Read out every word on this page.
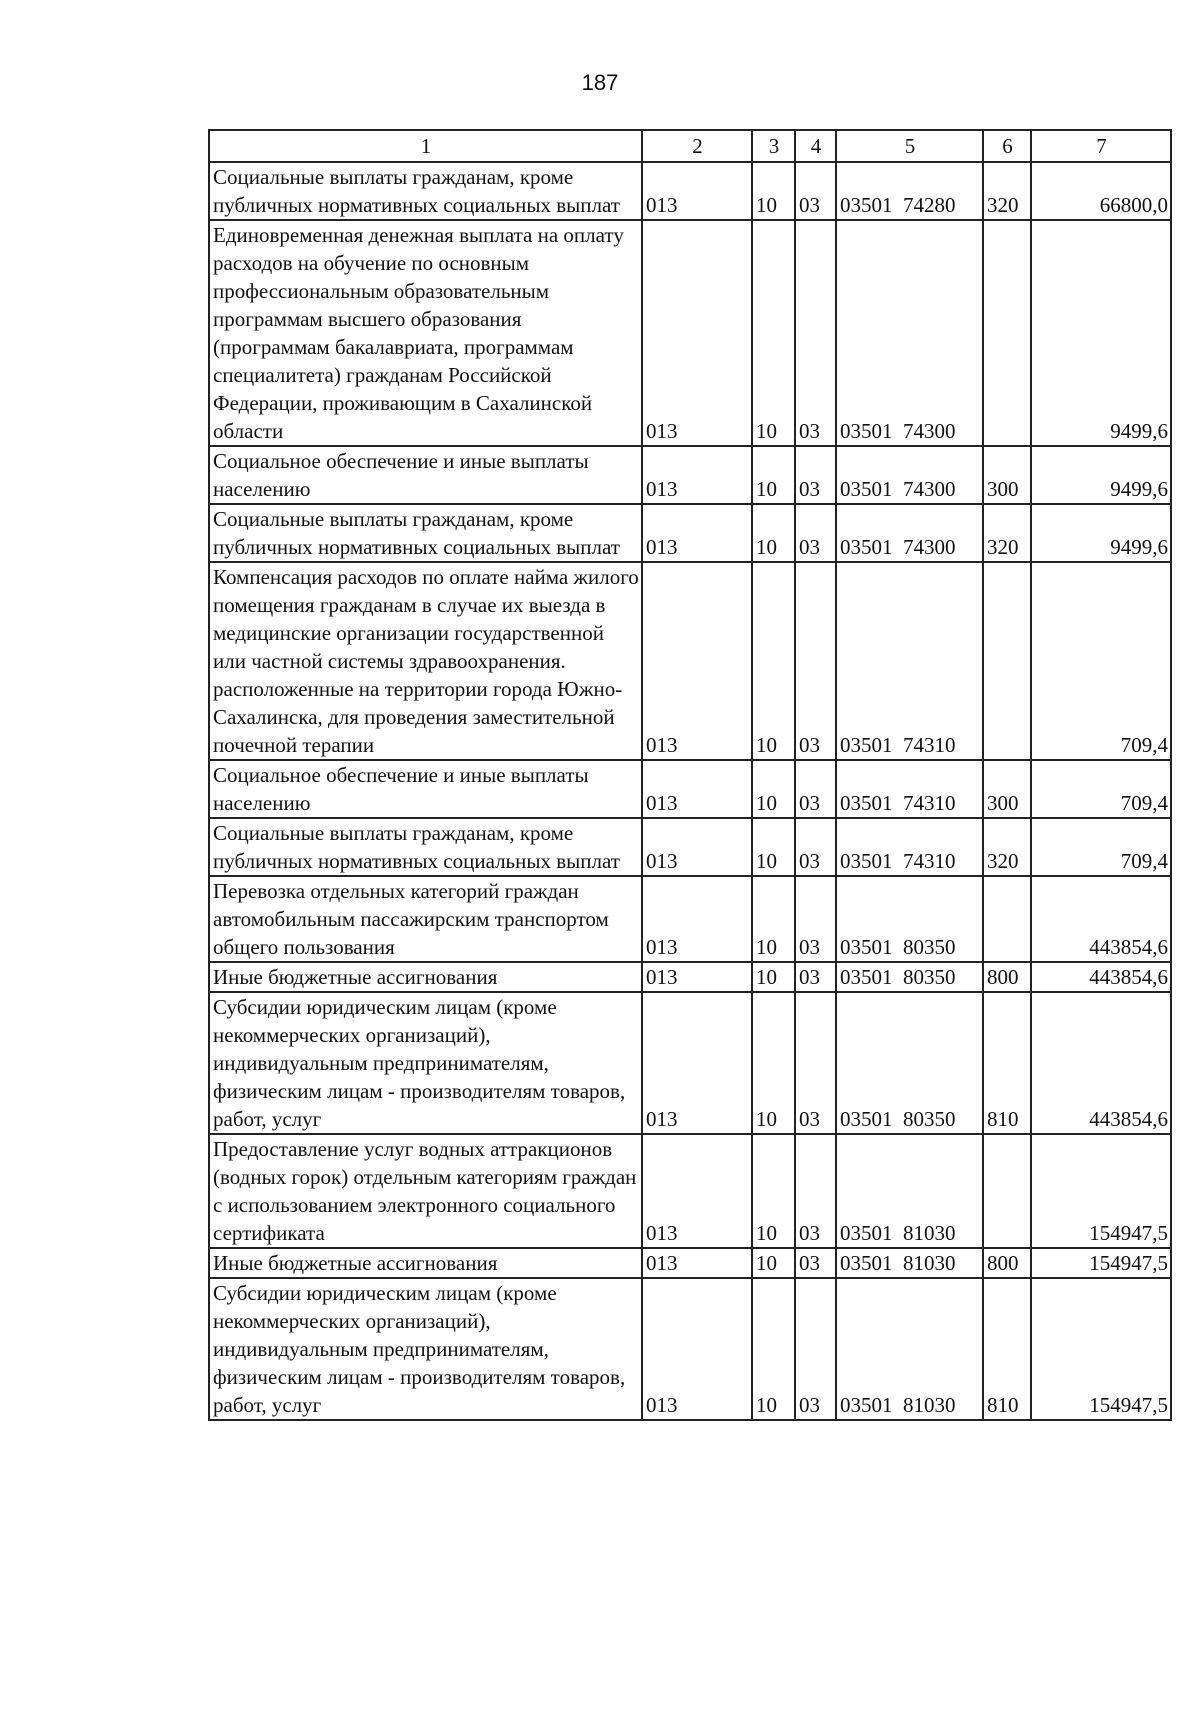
187
1	2	3	4	5	6	7
Социальные выплаты гражданам, кроме публичных нормативных социальных выплат	013	10	03	03501  74280	320	66800,0
Единовременная денежная выплата на оплату расходов на обучение по основным профессиональным образовательным программам высшего образования (программам бакалавриата, программам специалитета) гражданам Российской Федерации, проживающим в Сахалинской области	013	10	03	03501  74300		9499,6
Социальное обеспечение и иные выплаты населению	013	10	03	03501  74300	300	9499,6
Социальные выплаты гражданам, кроме публичных нормативных социальных выплат	013	10	03	03501  74300	320	9499,6
Компенсация расходов по оплате найма жилого помещения гражданам в случае их выезда в медицинские организации государственной или частной системы здравоохранения. расположенные на территории города Южно-Сахалинска, для проведения заместительной почечной терапии	013	10	03	03501  74310		709,4
Социальное обеспечение и иные выплаты населению	013	10	03	03501  74310	300	709,4
Социальные выплаты гражданам, кроме публичных нормативных социальных выплат	013	10	03	03501  74310	320	709,4
Перевозка отдельных категорий граждан автомобильным пассажирским транспортом общего пользования	013	10	03	03501  80350		443854,6
Иные бюджетные ассигнования	013	10	03	03501  80350	800	443854,6
Субсидии юридическим лицам (кроме некоммерческих организаций), индивидуальным предпринимателям, физическим лицам - производителям товаров, работ, услуг	013	10	03	03501  80350	810	443854,6
Предоставление услуг водных аттракционов (водных горок) отдельным категориям граждан с использованием электронного социального сертификата	013	10	03	03501  81030		154947,5
Иные бюджетные ассигнования	013	10	03	03501  81030	800	154947,5
Субсидии юридическим лицам (кроме некоммерческих организаций), индивидуальным предпринимателям, физическим лицам - производителям товаров, работ, услуг	013	10	03	03501  81030	810	154947,5
